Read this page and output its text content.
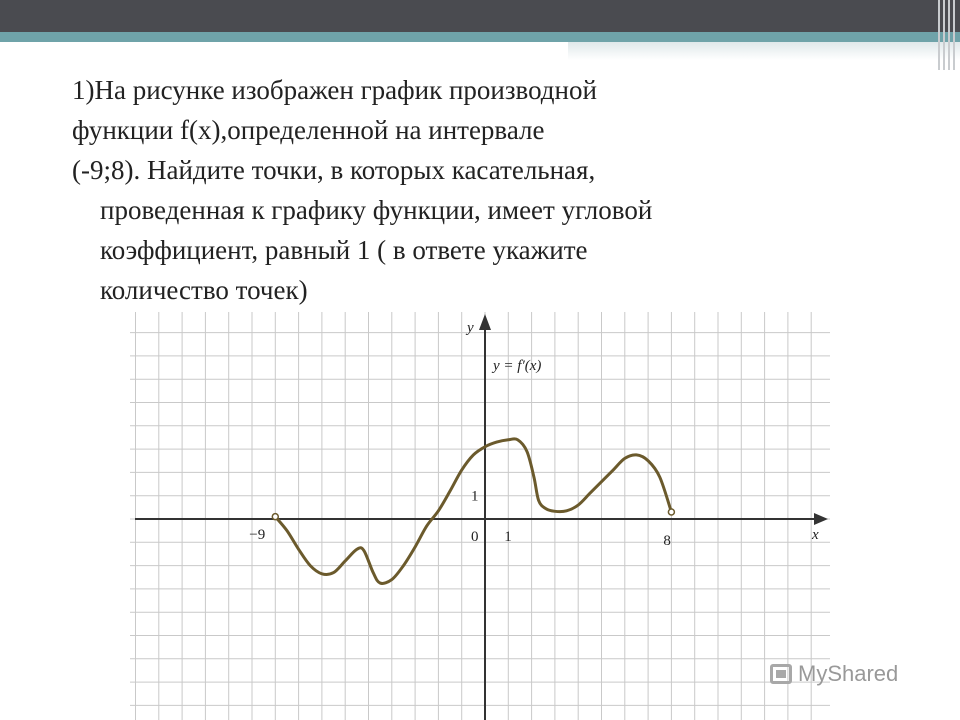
1)На рисунке изображен график производной
функции f(x),определенной на интервале
(-9;8). Найдите точки, в которых касательная,
проведенная к графику функции, имеет угловой
коэффициент, равный 1 ( в ответе укажите
количество точек)
y = f′(x)
x
y
−9	0 1	8
1
MyShared
